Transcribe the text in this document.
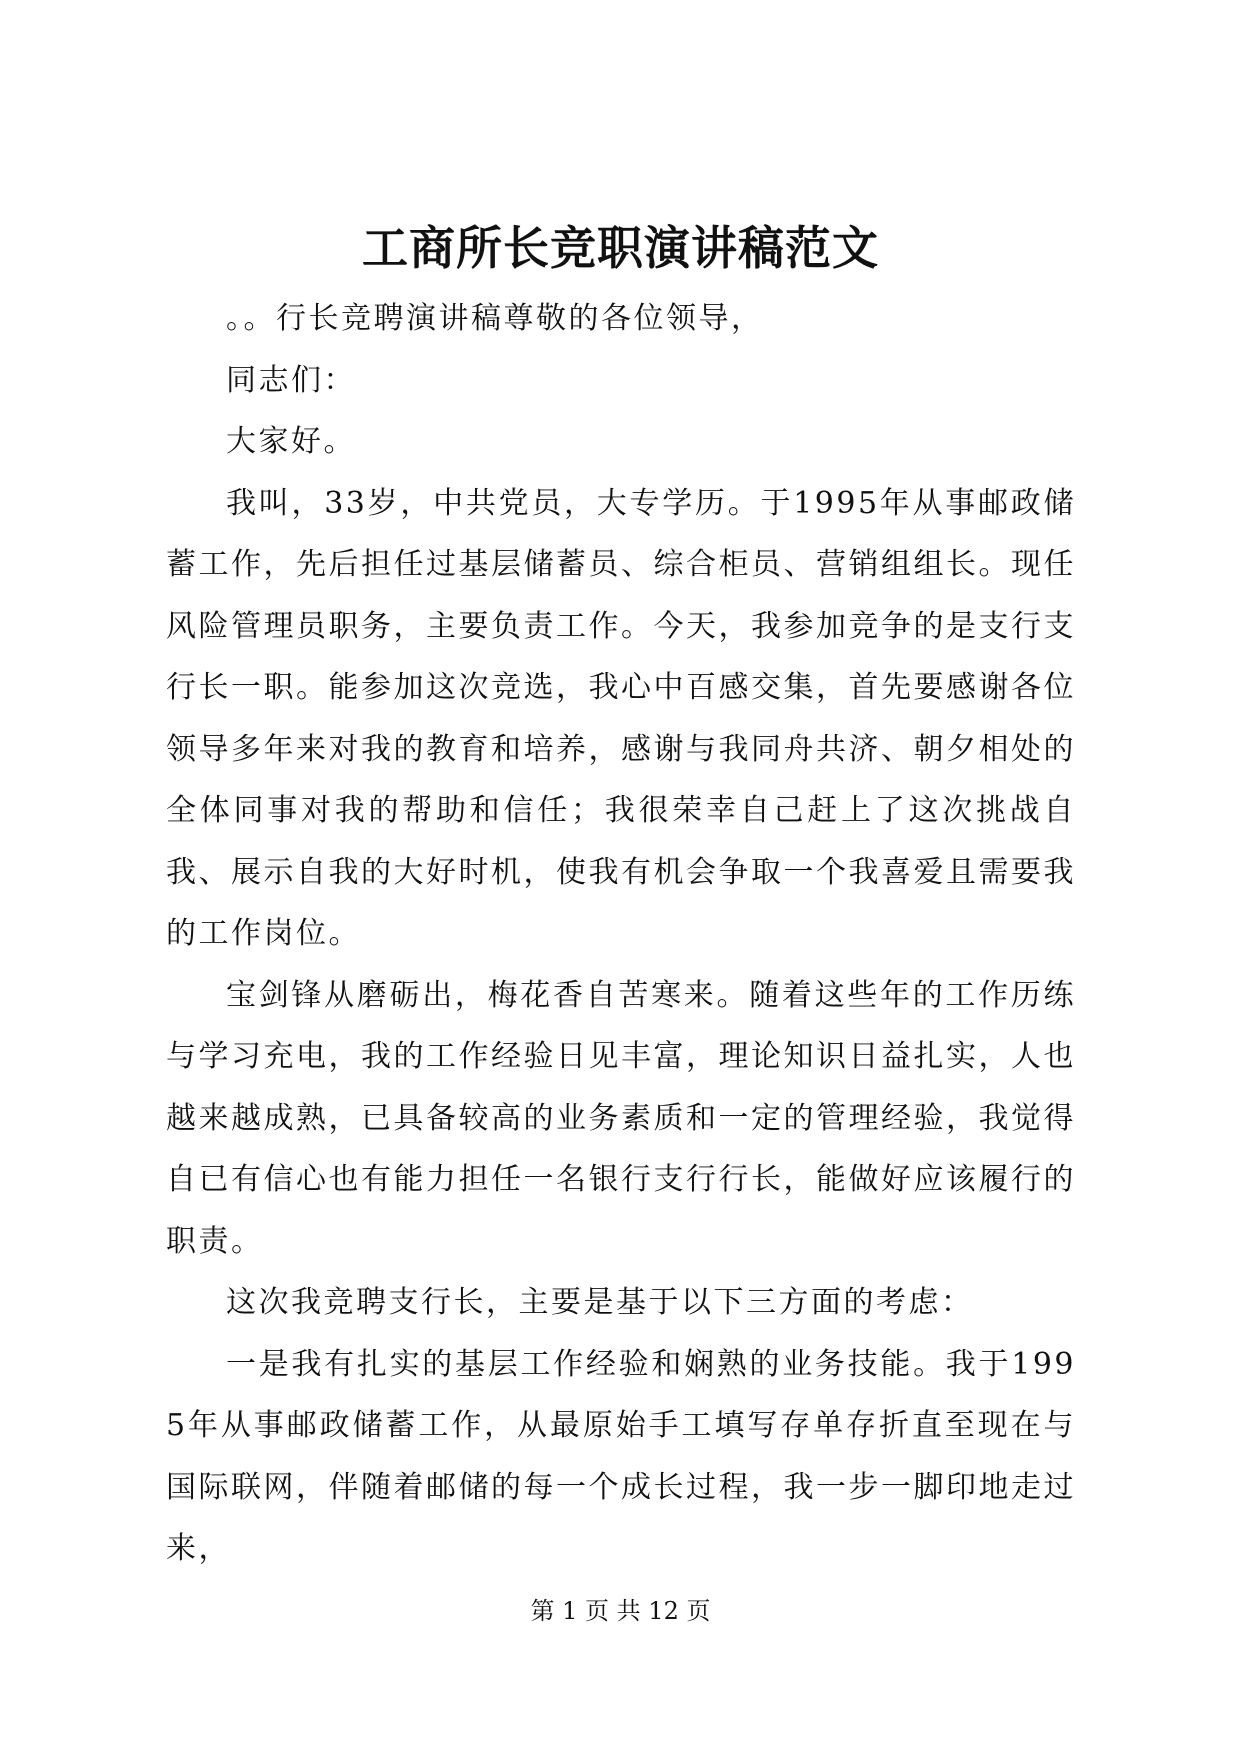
工商所长竞职演讲稿范文

。。行长竞聘演讲稿尊敬的各位领导，

同志们：

大家好。

我叫，33岁，中共党员，大专学历。于1995年从事邮政储蓄工作，先后担任过基层储蓄员、综合柜员、营销组组长。现任风险管理员职务，主要负责工作。今天，我参加竞争的是支行支行长一职。能参加这次竞选，我心中百感交集，首先要感谢各位领导多年来对我的教育和培养，感谢与我同舟共济、朝夕相处的全体同事对我的帮助和信任；我很荣幸自己赶上了这次挑战自我、展示自我的大好时机，使我有机会争取一个我喜爱且需要我的工作岗位。

宝剑锋从磨砺出，梅花香自苦寒来。随着这些年的工作历练与学习充电，我的工作经验日见丰富，理论知识日益扎实，人也越来越成熟，已具备较高的业务素质和一定的管理经验，我觉得自已有信心也有能力担任一名银行支行行长，能做好应该履行的职责。

这次我竞聘支行长，主要是基于以下三方面的考虑：

一是我有扎实的基层工作经验和娴熟的业务技能。我于1995年从事邮政储蓄工作，从最原始手工填写存单存折直至现在与国际联网，伴随着邮储的每一个成长过程，我一步一脚印地走过来，

第 1 页 共 12 页
